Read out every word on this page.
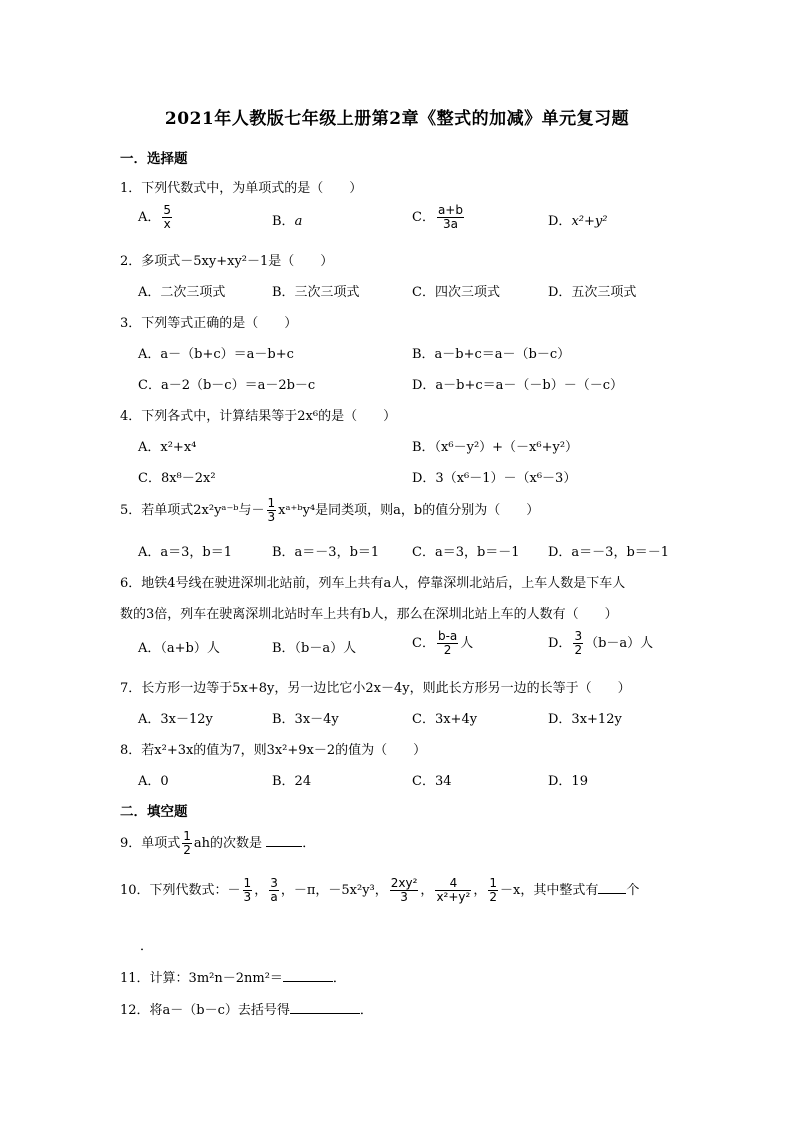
2021年人教版七年级上册第2章《整式的加减》单元复习题
一．选择题
1．下列代数式中，为单项式的是（　　）
A． $\frac{5}{x}$	B．a	C． $\frac{a+b}{3a}$	D．x²+y²
2．多项式－5xy+xy²－1是（　　）
A．二次三项式	B．三次三项式	C．四次三项式	D．五次三项式
3．下列等式正确的是（　　）
A．a－（b+c）＝a－b+c	B．a－b+c＝a－（b－c）
C．a－2（b－c）＝a－2b－c	D．a－b+c＝a－（－b）－（－c）
4．下列各式中，计算结果等于2x⁶的是（　　）
A．x²+x⁴	B．（x⁶－y²）+（－x⁶+y²）
C．8x⁸－2x²	D．3（x⁶－1）－（x⁶－3）
5．若单项式2x²yᵃ⁻ᵇ与－ $\frac{1}{3}$ xᵃ⁺ᵇy⁴是同类项，则a，b的值分别为（　　）
A．a＝3，b＝1	B．a＝－3，b＝1	C．a＝3，b＝－1 D．a＝－3，b＝－1
6．地铁4号线在驶进深圳北站前，列车上共有a人，停靠深圳北站后，上车人数是下车人
数的3倍，列车在驶离深圳北站时车上共有b人，那么在深圳北站上车的人数有（　　）
A．（a+b）人	B．（b－a）人	C． $\frac{b-a}{2}$ 人	D． $\frac{3}{2} (b-a)$人
7．长方形一边等于5x+8y，另一边比它小2x－4y，则此长方形另一边的长等于（　　）
A．3x－12y	B．3x－4y	C．3x+4y	D．3x+12y
8．若x²+3x的值为7，则3x²+9x－2的值为（　　）
A．0	B．24	C．34	D．19
二．填空题
9．单项式 $\frac{1}{2}$ ah的次数是	．
10．下列代数式：－ $\frac{1}{3}$ ， $\frac{3}{a}$ ，－π，－5x²y³， $\frac{\text{2xy²}}{3}$ ， $\frac{4}{\text{x²+y²}}$ ， $\frac{1}{2} -x$，其中整式有 个
．
11．计算：3m²n－2nm²＝	．
12．将a－（b－c）去括号得	．
